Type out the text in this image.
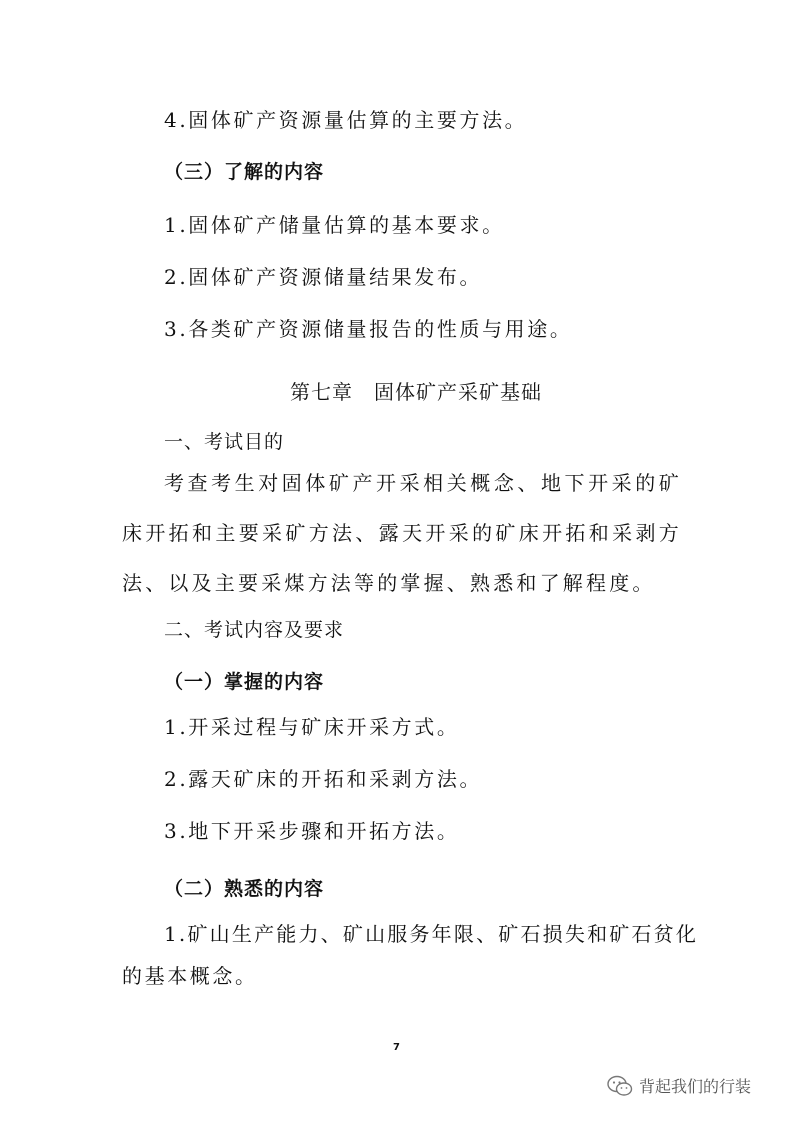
4.固体矿产资源量估算的主要方法。
（三）了解的内容
1.固体矿产储量估算的基本要求。
2.固体矿产资源储量结果发布。
3.各类矿产资源储量报告的性质与用途。
第七章　固体矿产采矿基础
一、考试目的
考查考生对固体矿产开采相关概念、地下开采的矿床开拓和主要采矿方法、露天开采的矿床开拓和采剥方法、以及主要采煤方法等的掌握、熟悉和了解程度。
二、考试内容及要求
（一）掌握的内容
1.开采过程与矿床开采方式。
2.露天矿床的开拓和采剥方法。
3.地下开采步骤和开拓方法。
（二）熟悉的内容
1.矿山生产能力、矿山服务年限、矿石损失和矿石贫化
的基本概念。
7
背起我们的行装
